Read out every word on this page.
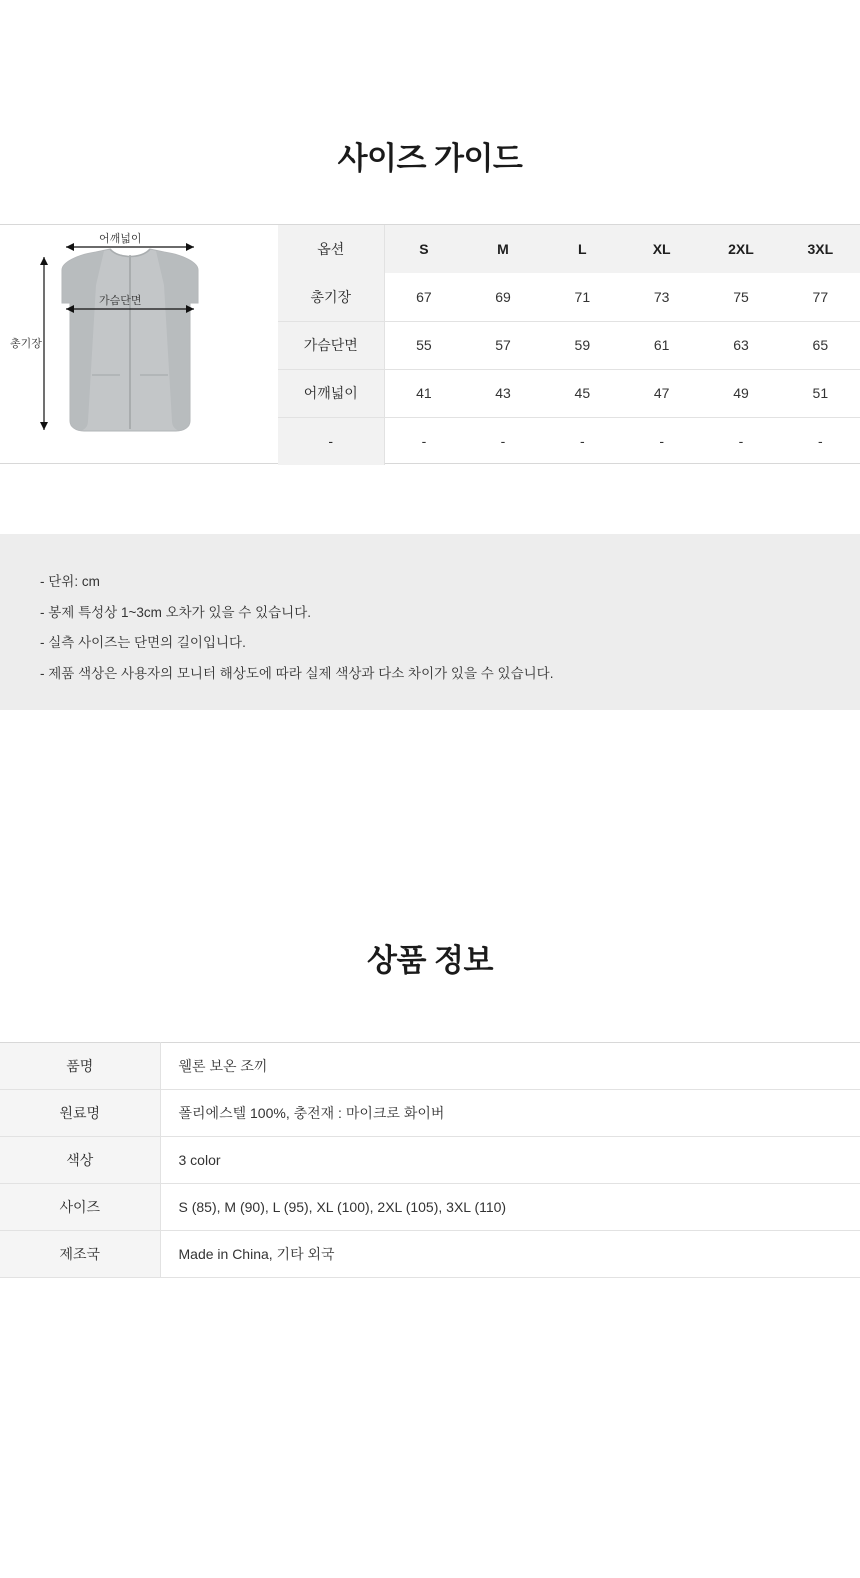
사이즈 가이드
어깨넓이
가슴단면
총기장
옵션	S	M	L	XL	2XL	3XL
총기장	67	69	71	73	75	77
가슴단면	55	57	59	61	63	65
어깨넓이	41	43	45	47	49	51
-	-	-	-	-	-	-

- 단위: cm

- 봉제 특성상 1~3cm 오차가 있을 수 있습니다.

- 실측 사이즈는 단면의 길이입니다.

- 제품 색상은 사용자의 모니터 해상도에 따라 실제 색상과 다소 차이가 있을 수 있습니다.

상품 정보
품명	웰론 보온 조끼
원료명	폴리에스텔 100%, 충전재 : 마이크로 화이버
색상	3 color
사이즈	S (85), M (90), L (95), XL (100), 2XL (105), 3XL (110)
제조국	Made in China, 기타 외국
